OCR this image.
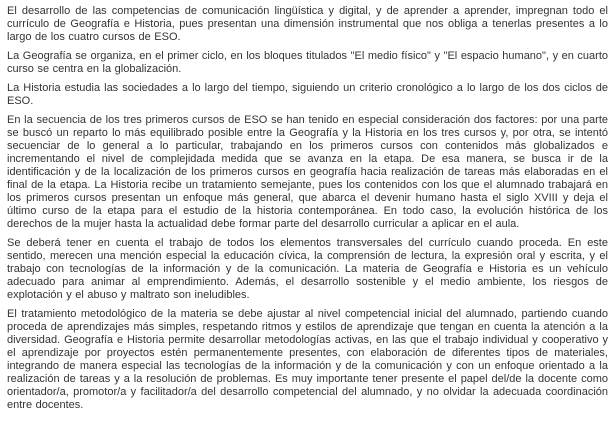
El desarrollo de las competencias de comunicación lingüística y digital, y de aprender a aprender, impregnan todo el currículo de Geografía e Historia, pues presentan una dimensión instrumental que nos obliga a tenerlas presentes a lo largo de los cuatro cursos de ESO.

La Geografía se organiza, en el primer ciclo, en los bloques titulados "El medio físico" y "El espacio humano", y en cuarto curso se centra en la globalización.

La Historia estudia las sociedades a lo largo del tiempo, siguiendo un criterio cronológico a lo largo de los dos ciclos de ESO.

En la secuencia de los tres primeros cursos de ESO se han tenido en especial consideración dos factores: por una parte se buscó un reparto lo más equilibrado posible entre la Geografía y la Historia en los tres cursos y, por otra, se intentó secuenciar de lo general a lo particular, trabajando en los primeros cursos con contenidos más globalizados e incrementando el nivel de complejidada medida que se avanza en la etapa. De esa manera, se busca ir de la identificación y de la localización de los primeros cursos en geografía hacia realización de tareas más elaboradas en el final de la etapa. La Historia recibe un tratamiento semejante, pues los contenidos con los que el alumnado trabajará en los primeros cursos presentan un enfoque más general, que abarca el devenir humano hasta el siglo XVIII y deja el último curso de la etapa para el estudio de la historia contemporánea. En todo caso, la evolución histórica de los derechos de la mujer hasta la actualidad debe formar parte del desarrollo curricular a aplicar en el aula.

Se deberá tener en cuenta el trabajo de todos los elementos transversales del currículo cuando proceda. En este sentido, merecen una mención especial la educación cívica, la comprensión de lectura, la expresión oral y escrita, y el trabajo con tecnologías de la información y de la comunicación. La materia de Geografía e Historia es un vehículo adecuado para animar al emprendimiento. Además, el desarrollo sostenible y el medio ambiente, los riesgos de explotación y el abuso y maltrato son ineludibles.

El tratamiento metodológico de la materia se debe ajustar al nivel competencial inicial del alumnado, partiendo cuando proceda de aprendizajes más simples, respetando ritmos y estilos de aprendizaje que tengan en cuenta la atención a la diversidad. Geografía e Historia permite desarrollar metodologías activas, en las que el trabajo individual y cooperativo y el aprendizaje por proyectos estén permanentemente presentes, con elaboración de diferentes tipos de materiales, integrando de manera especial las tecnologías de la información y de la comunicación y con un enfoque orientado a la realización de tareas y a la resolución de problemas. Es muy importante tener presente el papel del/de la docente como orientador/a, promotor/a y facilitador/a del desarrollo competencial del alumnado, y no olvidar la adecuada coordinación entre docentes.
